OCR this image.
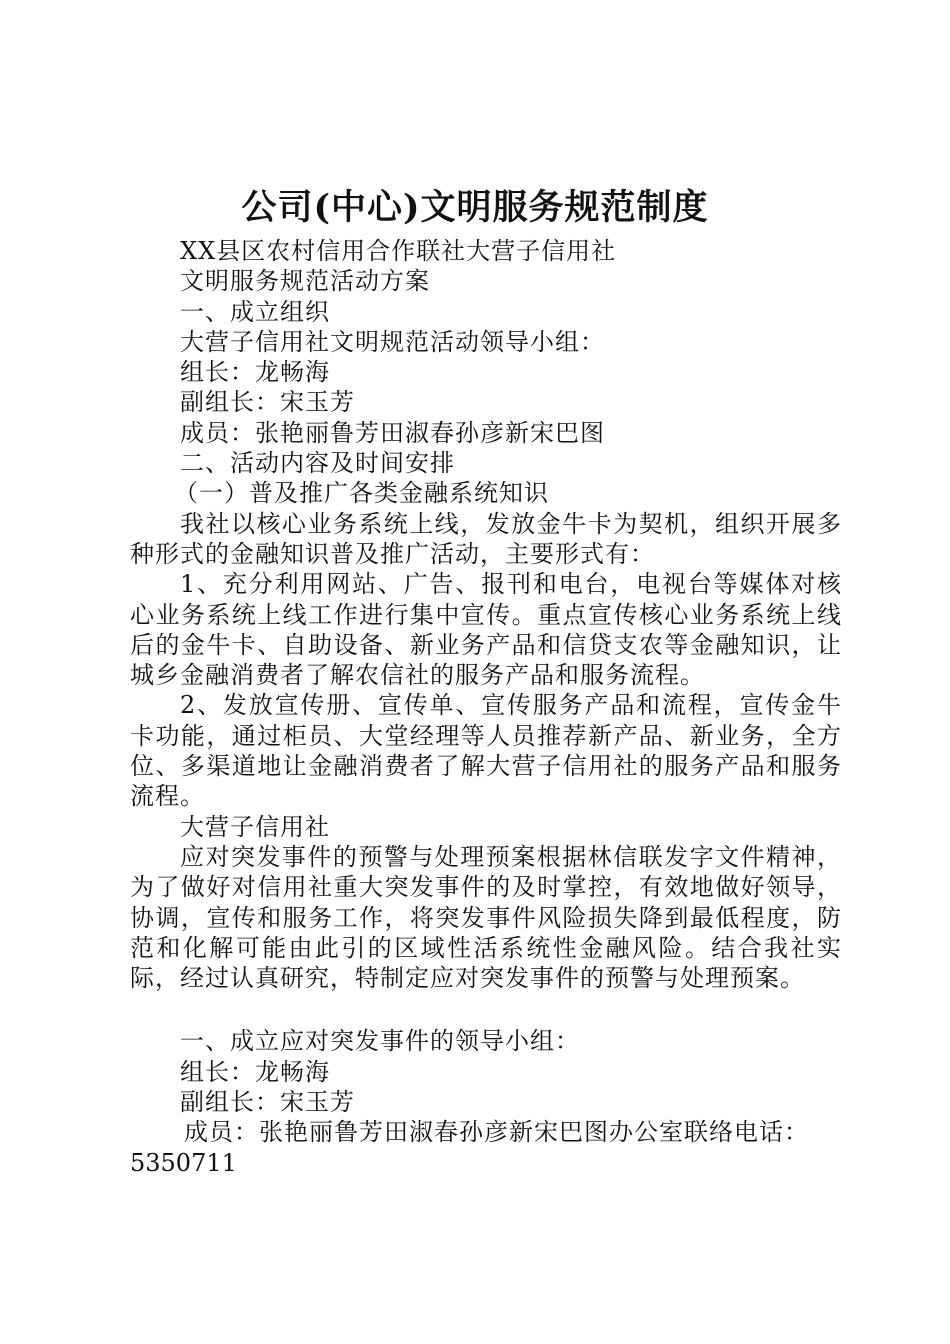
公司(中心)文明服务规范制度

XX县区农村信用合作联社大营子信用社

文明服务规范活动方案

一、成立组织

大营子信用社文明规范活动领导小组：

组长：龙畅海

副组长：宋玉芳

成员：张艳丽鲁芳田淑春孙彦新宋巴图

二、活动内容及时间安排

（一）普及推广各类金融系统知识

我社以核心业务系统上线，发放金牛卡为契机，组织开展多种形式的金融知识普及推广活动，主要形式有：

1、充分利用网站、广告、报刊和电台，电视台等媒体对核心业务系统上线工作进行集中宣传。重点宣传核心业务系统上线后的金牛卡、自助设备、新业务产品和信贷支农等金融知识，让城乡金融消费者了解农信社的服务产品和服务流程。

2、发放宣传册、宣传单、宣传服务产品和流程，宣传金牛卡功能，通过柜员、大堂经理等人员推荐新产品、新业务，全方位、多渠道地让金融消费者了解大营子信用社的服务产品和服务流程。

大营子信用社

应对突发事件的预警与处理预案根据林信联发字文件精神，为了做好对信用社重大突发事件的及时掌控，有效地做好领导，协调，宣传和服务工作，将突发事件风险损失降到最低程度，防范和化解可能由此引的区域性活系统性金融风险。结合我社实际，经过认真研究，特制定应对突发事件的预警与处理预案。

一、成立应对突发事件的领导小组：

组长：龙畅海

副组长：宋玉芳

成员：张艳丽鲁芳田淑春孙彦新宋巴图办公室联络电话：

5350711
